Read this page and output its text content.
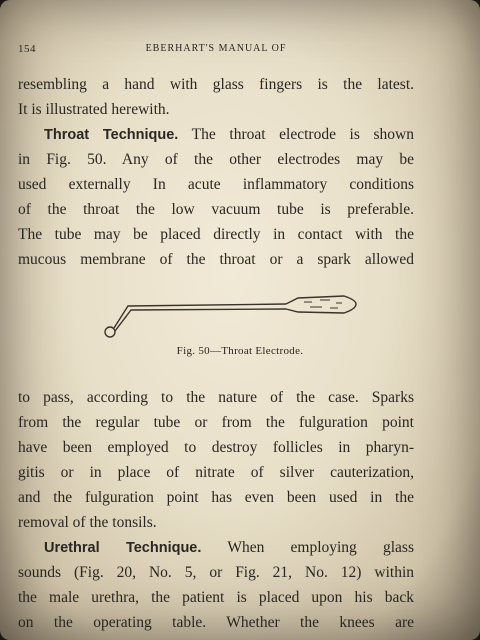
154	EBERHART'S MANUAL OF
resembling a hand with glass fingers is the latest.
It is illustrated herewith.
Throat Technique. The throat electrode is shown
in Fig. 50. Any of the other electrodes may be
used externally In acute inflammatory conditions
of the throat the low vacuum tube is preferable.
The tube may be placed directly in contact with the
mucous membrane of the throat or a spark allowed
Fig. 50—Throat Electrode.
to pass, according to the nature of the case. Sparks
from the regular tube or from the fulguration point
have been employed to destroy follicles in pharyn-
gitis or in place of nitrate of silver cauterization,
and the fulguration point has even been used in the
removal of the tonsils.
Urethral Technique. When employing glass
sounds (Fig. 20, No. 5, or Fig. 21, No. 12) within
the male urethra, the patient is placed upon his back
on the operating table. Whether the knees are
